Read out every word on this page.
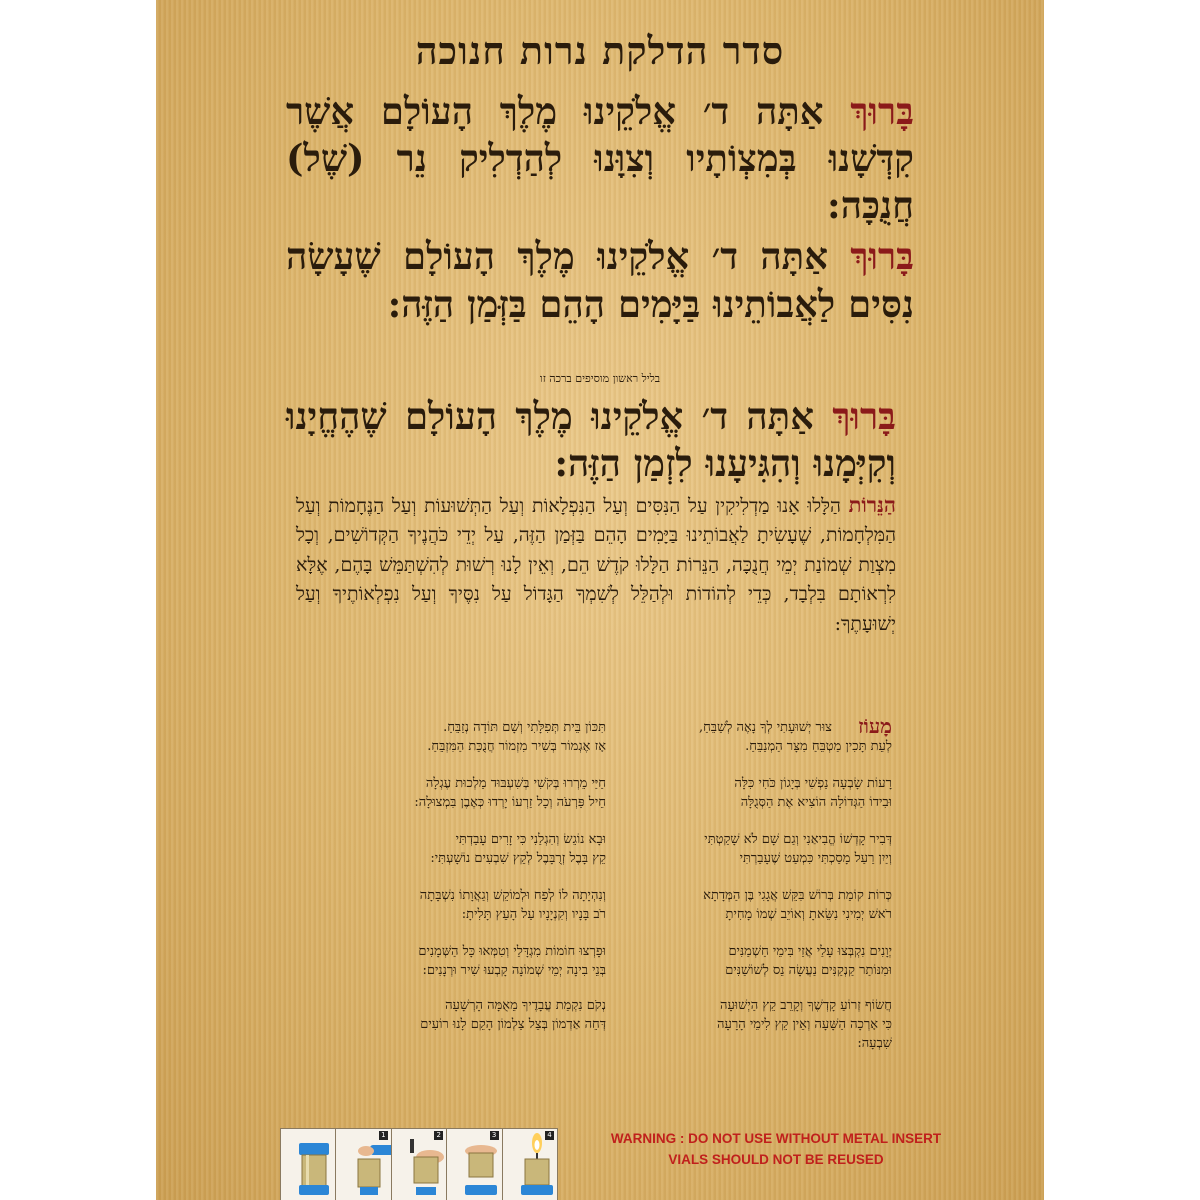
סדר הדלקת נרות חנוכה
בָּרוּךְ אַתָּה ד׳ אֱלֹקֵינוּ מֶלֶךְ הָעוֹלָם אֲשֶׁר קִדְּשָׁנוּ בְּמִצְוֹתָיו וְצִוָּנוּ לְהַדְלִיק נֵר (שֶׁל) חֲנֻכָּה:
בָּרוּךְ אַתָּה ד׳ אֱלֹקֵינוּ מֶלֶךְ הָעוֹלָם שֶׁעָשָׂה נִסִּים לַאֲבוֹתֵינוּ בַּיָּמִים הָהֵם בַּזְּמַן הַזֶּה:
בליל ראשון מוסיפים ברכה זו
בָּרוּךְ אַתָּה ד׳ אֱלֹקֵינוּ מֶלֶךְ הָעוֹלָם שֶׁהֶחֱיָנוּ וְקִיְּמָנוּ וְהִגִּיעָנוּ לִזְמַן הַזֶּה:
הַנֵּרוֹת הַלָּלוּ אָנוּ מַדְלִיקִין עַל הַנִּסִּים וְעַל הַנִּפְלָאוֹת וְעַל הַתְּשׁוּעוֹת וְעַל הַנֶּחָמוֹת וְעַל הַמִּלְחָמוֹת, שֶׁעָשִׂיתָ לַאֲבוֹתֵינוּ בַּיָּמִים הָהֵם בַּזְּמַן הַזֶּה, עַל יְדֵי כֹּהֲנֶיךָ הַקְּדוֹשִׁים, וְכָל מִצְוַת שְׁמוֹנַת יְמֵי חֲנֻכָּה, הַנֵּרוֹת הַלָּלוּ קֹדֶשׁ הֵם, וְאֵין לָנוּ רְשׁוּת לְהִשְׁתַּמֵּשׁ בָּהֶם, אֶלָּא לִרְאוֹתָם בִּלְבָד, כְּדֵי לְהוֹדוֹת וּלְהַלֵּל לְשִׁמְךָ הַגָּדוֹל עַל נִסֶּיךָ וְעַל נִפְלְאוֹתֶיךָ וְעַל יְשׁוּעָתֶךָ:
מָעוֹז
צוּר יְשׁוּעָתִי לְךָ נָאֶה לְשַׁבֵּחַ,
לְעֵת תָּכִין מַטְבֵּחַ מִצָּר הַמְנַבֵּחַ.
רָעוֹת שָׂבְעָה נַפְשִׁי בְּיָגוֹן כֹּחִי כִּלָּה
וּבִידוֹ הַגְּדוֹלָה הוֹצִיא אֶת הַסְּגֻלָּה
דְּבִיר קָדְשׁוֹ הֱבִיאַנִי וְגַם שָׁם לֹא שָׁקַטְתִּי
וְיַיִן רַעַל מָסַכְתִּי כִּמְעַט שֶׁעָבַרְתִּי
כְּרוֹת קוֹמַת בְּרוֹשׁ בִּקֵּשׁ אֲגָגִי בֶּן הַמְּדָתָא
רֹאשׁ יְמִינִי נִשֵּׂאתָ וְאוֹיֵב שְׁמוֹ מָחִיתָ
יְוָנִים נִקְבְּצוּ עָלַי אֲזַי בִּימֵי חַשְׁמַנִּים
וּמִנּוֹתַר קַנְקַנִּים נַעֲשָׂה נֵס לְשׁוֹשַׁנִּים
חֲשׂוֹף זְרוֹעַ קָדְשֶׁךָ וְקָרֵב קֵץ הַיְשׁוּעָה
כִּי אָרְכָה הַשָּׁעָה וְאֵין קֵץ לִימֵי הָרָעָה
שִׁבְעָה:
תִּכּוֹן בֵּית תְּפִלָּתִי וְשָׁם תּוֹדָה נְזַבֵּחַ.
אָז אֶגְמוֹר בְּשִׁיר מִזְמוֹר חֲנֻכַּת הַמִּזְבֵּחַ.
חַיַּי מֵרְרוּ בְּקֹשִׁי בְּשִׁעְבּוּד מַלְכוּת עֶגְלָה
חֵיל פַּרְעֹה וְכָל זַרְעוֹ יָרְדוּ כְּאֶבֶן בִּמְצוּלָה:
וּבָא נוֹגֵשׂ וְהִגְלַנִי כִּי זָרִים עָבַדְתִּי
קֵץ בָּבֶל זְרֻבָּבֶל לְקֵץ שִׁבְעִים נוֹשָׁעְתִּי:
וְנִהְיָתָה לוֹ לְפַח וּלְמוֹקֵשׁ וְגַאֲוָתוֹ נִשְׁבָּתָה
רֹב בָּנָיו וְקִנְיָנָיו עַל הָעֵץ תָּלִיתָ:
וּפָרְצוּ חוֹמוֹת מִגְדָּלַי וְטִמְּאוּ כָּל הַשְּׁמָנִים
בְּנֵי בִינָה יְמֵי שְׁמוֹנָה קָבְעוּ שִׁיר וּרְנָנִים:
נְקֹם נִקְמַת עֲבָדֶיךָ מֵאֻמָּה הָרְשָׁעָה
דְּחֵה אַדְמוֹן בְּצֵל צַלְמוֹן הָקֵם לָנוּ רוֹעִים
1	2	3	4	WARNING : DO NOT USE WITHOUT METAL INSERT
VIALS SHOULD NOT BE REUSED
